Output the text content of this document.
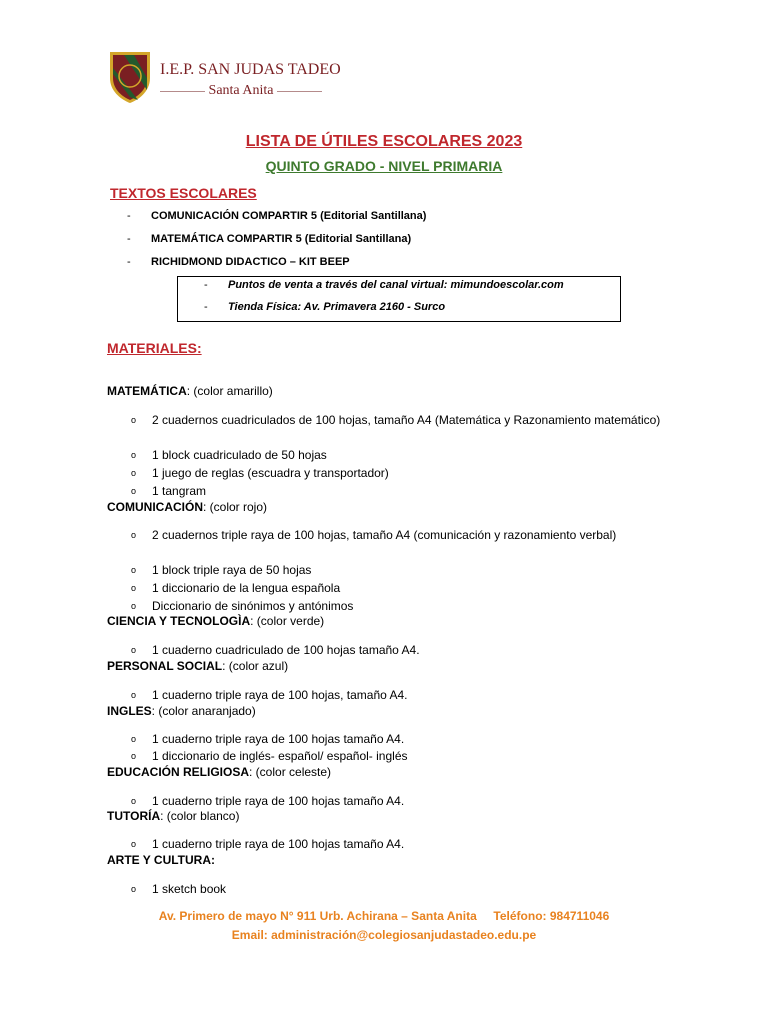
I.E.P. SAN JUDAS TADEO
Santa Anita
LISTA DE ÚTILES ESCOLARES 2023
QUINTO GRADO - NIVEL PRIMARIA
TEXTOS ESCOLARES
-	COMUNICACIÓN COMPARTIR 5 (Editorial Santillana)
-	MATEMÁTICA COMPARTIR 5 (Editorial Santillana)
-	RICHIDMOND DIDACTICO – KIT BEEP
-	Puntos de venta a través del canal virtual: mimundoescolar.com
-	Tienda Física: Av. Primavera 2160 - Surco
MATERIALES:
MATEMÁTICA: (color amarillo)
o	2 cuadernos cuadriculados de 100 hojas, tamaño A4 (Matemática y Razonamiento matemático)
o	1 block cuadriculado de 50 hojas
o	1 juego de reglas (escuadra y transportador)
o	1 tangram
COMUNICACIÓN: (color rojo)
o	2 cuadernos triple raya de 100 hojas, tamaño A4 (comunicación y razonamiento verbal)
o	1 block triple raya de 50 hojas
o	1 diccionario de la lengua española
o	Diccionario de sinónimos y antónimos
CIENCIA Y TECNOLOGÌA: (color verde)
o	1 cuaderno cuadriculado de 100 hojas tamaño A4.
PERSONAL SOCIAL: (color azul)
o	1 cuaderno triple raya de 100 hojas, tamaño A4.
INGLES: (color anaranjado)
o	1 cuaderno triple raya de 100 hojas tamaño A4.
o	1 diccionario de inglés- español/ español- inglés
EDUCACIÓN RELIGIOSA: (color celeste)
o	1 cuaderno triple raya de 100 hojas tamaño A4.
TUTORÍA: (color blanco)
o	1 cuaderno triple raya de 100 hojas tamaño A4.
ARTE Y CULTURA:
o	1 sketch book
Av. Primero de mayo N° 911 Urb. Achirana – Santa Anita     Teléfono: 984711046
Email: administración@colegiosanjudastadeo.edu.pe
